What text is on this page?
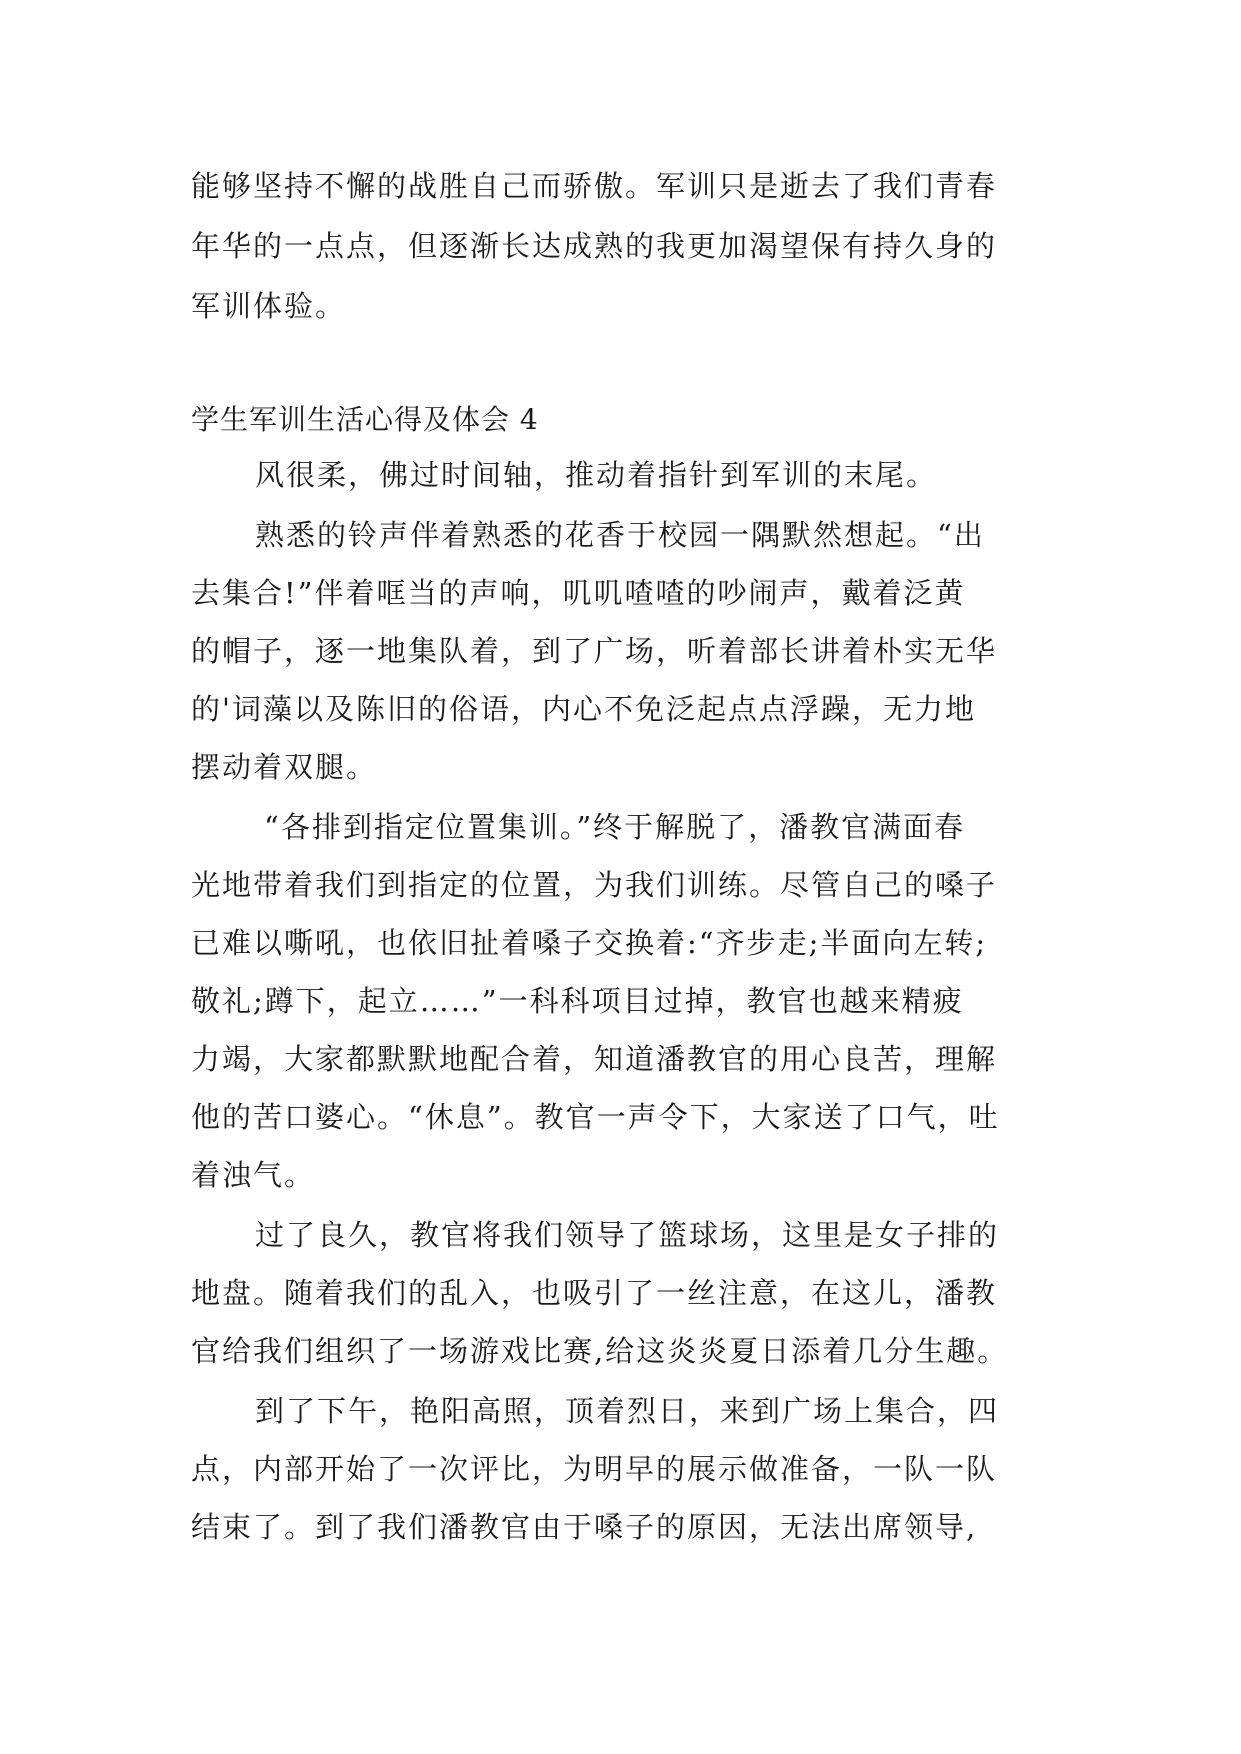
能够坚持不懈的战胜自己而骄傲。军训只是逝去了我们青春
年华的一点点，但逐渐长达成熟的我更加渴望保有持久身的
军训体验。
学生军训生活心得及体会 4
风很柔，佛过时间轴，推动着指针到军训的末尾。
熟悉的铃声伴着熟悉的花香于校园一隅默然想起。“出
去集合!”伴着哐当的声响，叽叽喳喳的吵闹声，戴着泛黄
的帽子，逐一地集队着，到了广场，听着部长讲着朴实无华
的'词藻以及陈旧的俗语，内心不免泛起点点浮躁，无力地
摆动着双腿。
“各排到指定位置集训。”终于解脱了，潘教官满面春
光地带着我们到指定的位置，为我们训练。尽管自己的嗓子
已难以嘶吼，也依旧扯着嗓子交换着:“齐步走;半面向左转;
敬礼;蹲下，起立……”一科科项目过掉，教官也越来精疲
力竭，大家都默默地配合着，知道潘教官的用心良苦，理解
他的苦口婆心。“休息”。教官一声令下，大家送了口气，吐
着浊气。
过了良久，教官将我们领导了篮球场，这里是女子排的
地盘。随着我们的乱入，也吸引了一丝注意，在这儿，潘教
官给我们组织了一场游戏比赛,给这炎炎夏日添着几分生趣。
到了下午，艳阳高照，顶着烈日，来到广场上集合，四
点，内部开始了一次评比，为明早的展示做准备，一队一队
结束了。到了我们潘教官由于嗓子的原因，无法出席领导,
